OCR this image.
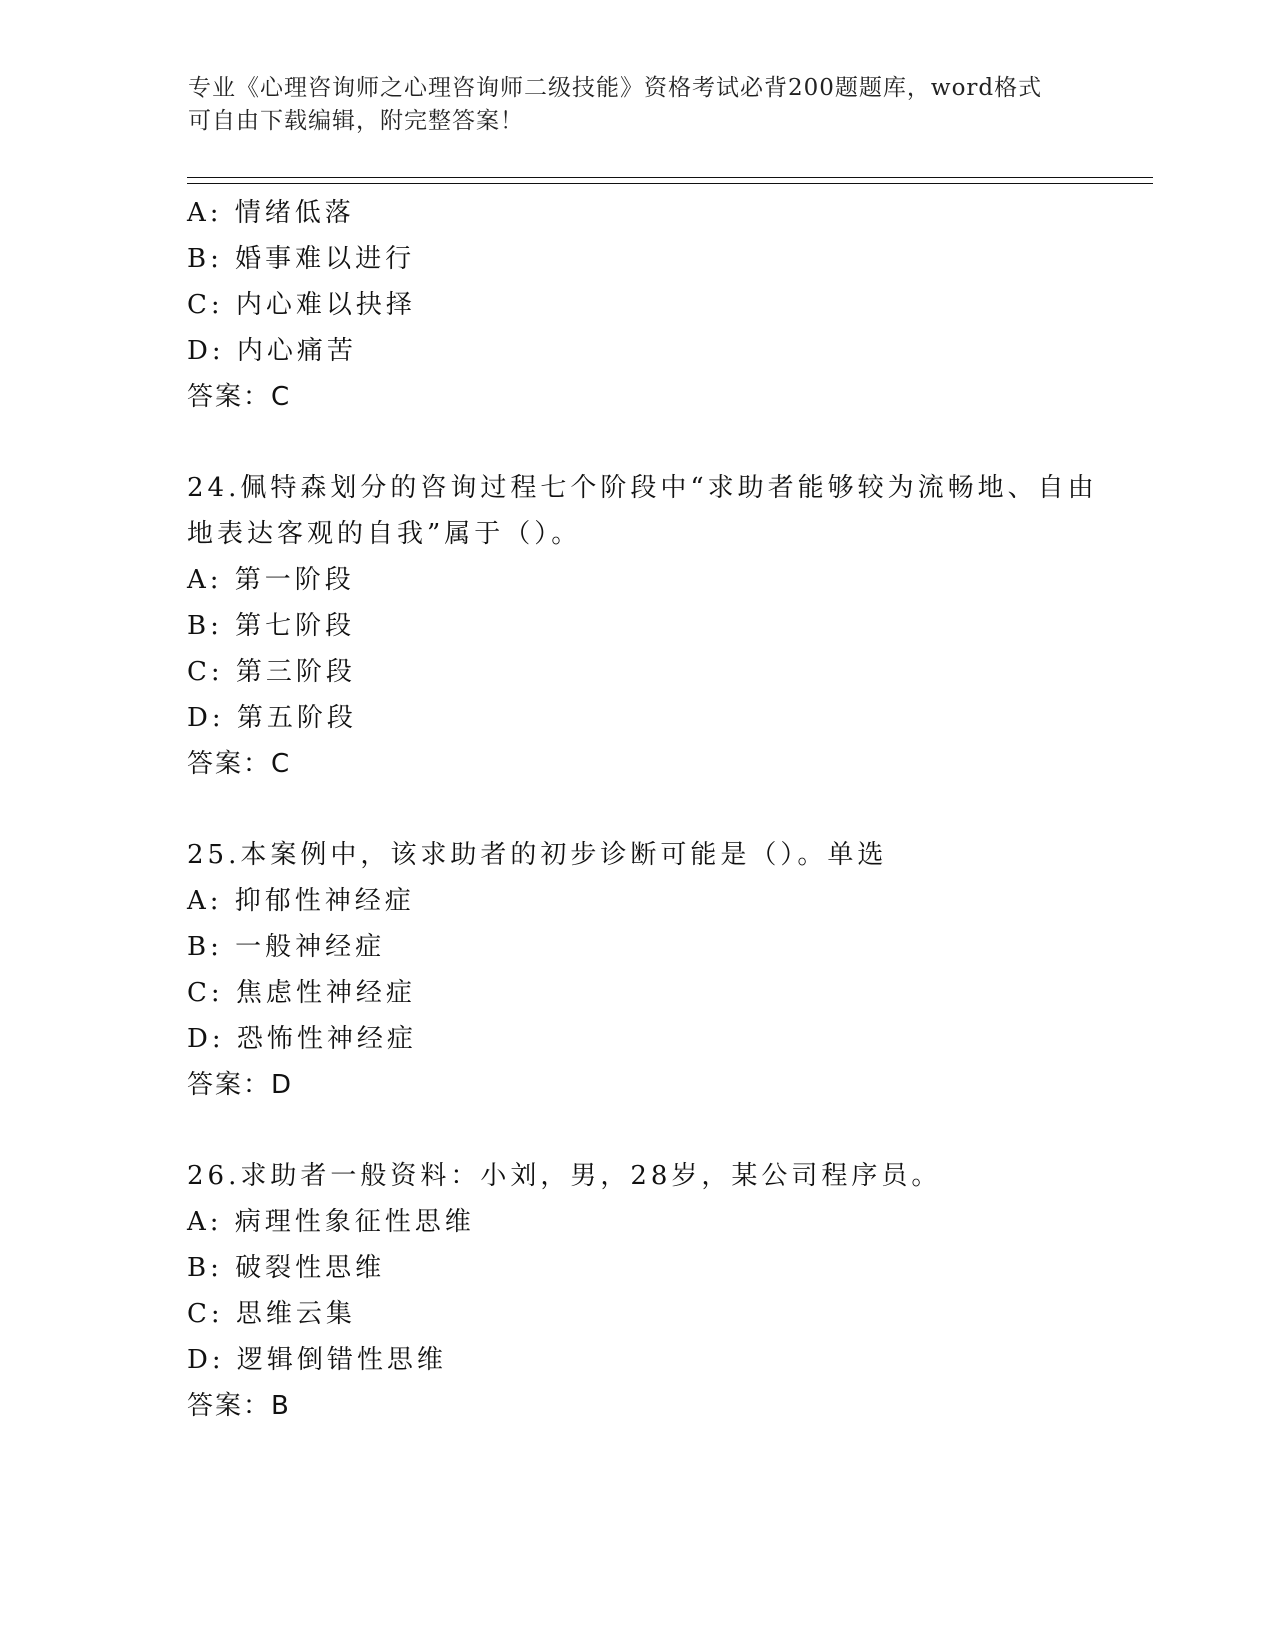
专业《心理咨询师之心理咨询师二级技能》资格考试必背200题题库，word格式
可自由下载编辑，附完整答案！
A: 情绪低落
B: 婚事难以进行
C: 内心难以抉择
D: 内心痛苦
答案：C
24.佩特森划分的咨询过程七个阶段中“求助者能够较为流畅地、自由
地表达客观的自我”属于（）。
A: 第一阶段
B: 第七阶段
C: 第三阶段
D: 第五阶段
答案：C
25.本案例中，该求助者的初步诊断可能是（）。单选
A: 抑郁性神经症
B: 一般神经症
C: 焦虑性神经症
D: 恐怖性神经症
答案：D
26.求助者一般资料：小刘，男，28岁，某公司程序员。
A: 病理性象征性思维
B: 破裂性思维
C: 思维云集
D: 逻辑倒错性思维
答案：B
